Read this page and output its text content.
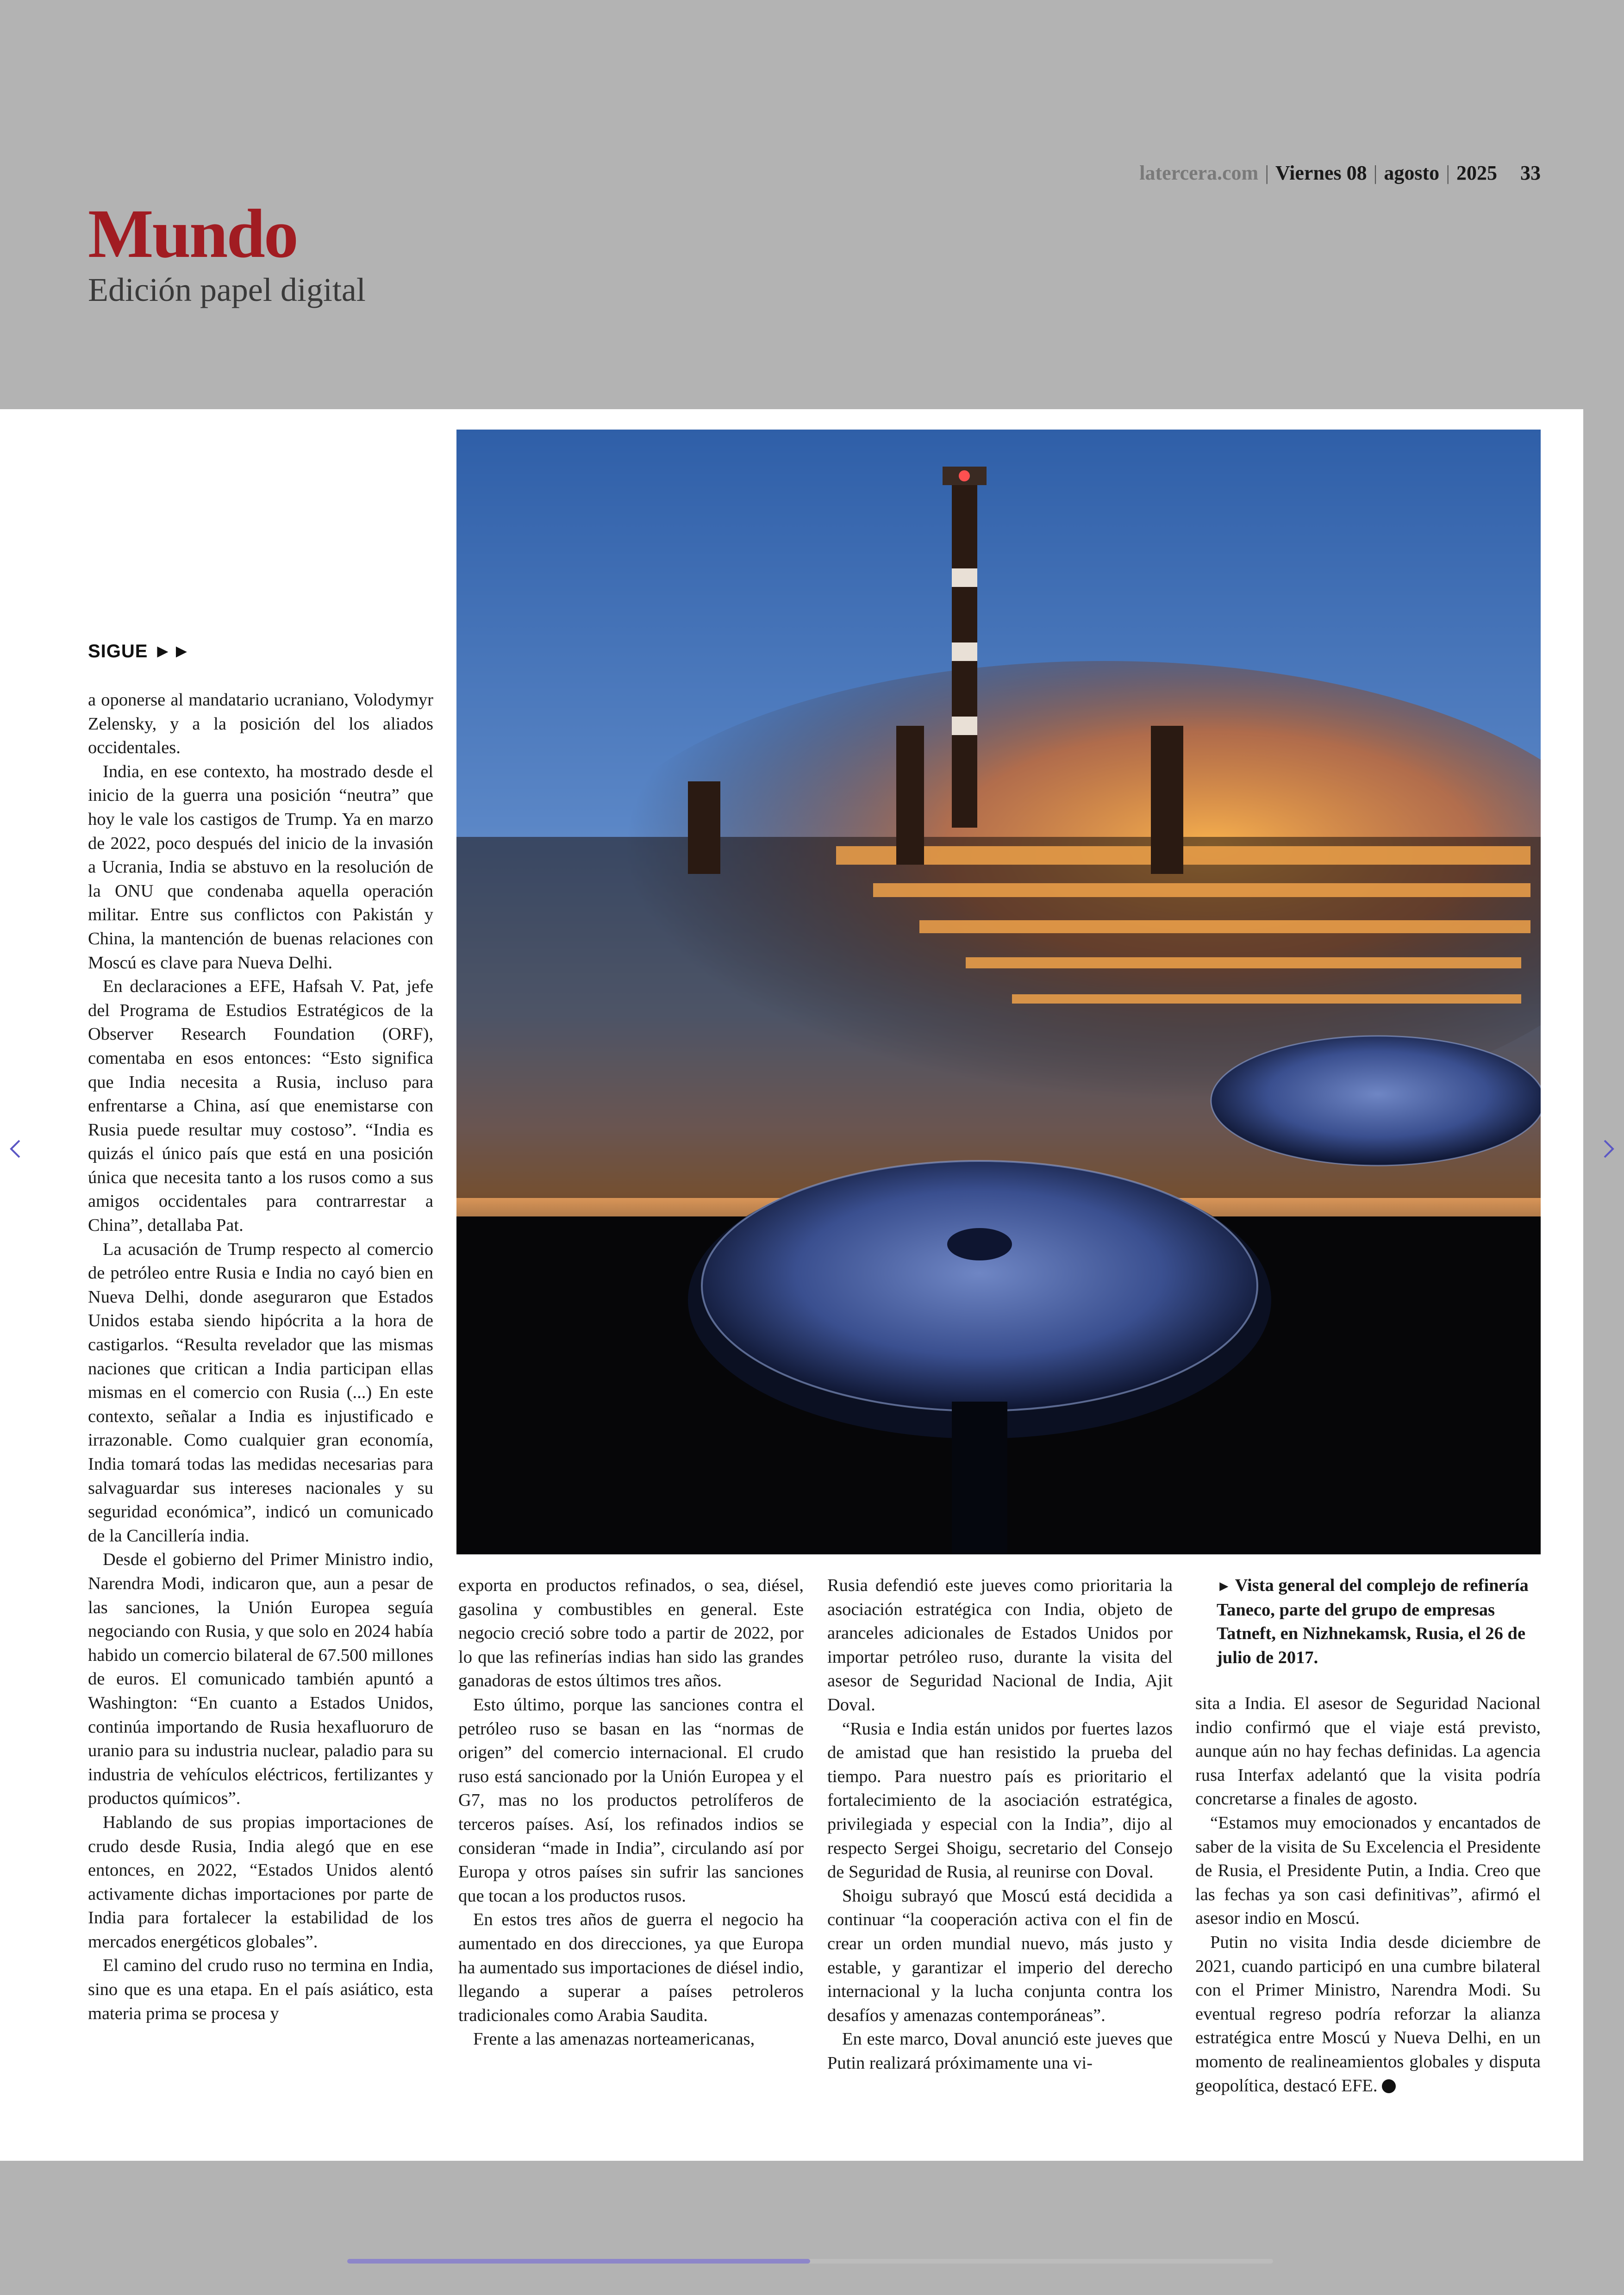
latercera.com | Viernes 08 | agosto | 2025 33
Mundo
Edición papel digital
SIGUE ►►

a oponerse al mandatario ucraniano, Volodymyr Zelensky, y a la posición del los aliados occidentales.

India, en ese contexto, ha mostrado desde el inicio de la guerra una posición “neutra” que hoy le vale los castigos de Trump. Ya en marzo de 2022, poco después del inicio de la invasión a Ucrania, India se abstuvo en la resolución de la ONU que condenaba aquella operación militar. Entre sus conflictos con Pakistán y China, la mantención de buenas relaciones con Moscú es clave para Nueva Delhi.

En declaraciones a EFE, Hafsah V. Pat, jefe del Programa de Estudios Estratégicos de la Observer Research Foundation (ORF), comentaba en esos entonces: “Esto significa que India necesita a Rusia, incluso para enfrentarse a China, así que enemistarse con Rusia puede resultar muy costoso”. “India es quizás el único país que está en una posición única que necesita tanto a los rusos como a sus amigos occidentales para contrarrestar a China”, detallaba Pat.

La acusación de Trump respecto al comercio de petróleo entre Rusia e India no cayó bien en Nueva Delhi, donde aseguraron que Estados Unidos estaba siendo hipócrita a la hora de castigarlos. “Resulta revelador que las mismas naciones que critican a India participan ellas mismas en el comercio con Rusia (...) En este contexto, señalar a India es injustificado e irrazonable. Como cualquier gran economía, India tomará todas las medidas necesarias para salvaguardar sus intereses nacionales y su seguridad económica”, indicó un comunicado de la Cancillería india.

Desde el gobierno del Primer Ministro indio, Narendra Modi, indicaron que, aun a pesar de las sanciones, la Unión Europea seguía negociando con Rusia, y que solo en 2024 había habido un comercio bilateral de 67.500 millones de euros. El comunicado también apuntó a Washington: “En cuanto a Estados Unidos, continúa importando de Rusia hexafluoruro de uranio para su industria nuclear, paladio para su industria de vehículos eléctricos, fertilizantes y productos químicos”.

Hablando de sus propias importaciones de crudo desde Rusia, India alegó que en ese entonces, en 2022, “Estados Unidos alentó activamente dichas importaciones por parte de India para fortalecer la estabilidad de los mercados energéticos globales”.

El camino del crudo ruso no termina en India, sino que es una etapa. En el país asiático, esta materia prima se procesa y

exporta en productos refinados, o sea, diésel, gasolina y combustibles en general. Este negocio creció sobre todo a partir de 2022, por lo que las refinerías indias han sido las grandes ganadoras de estos últimos tres años.

Esto último, porque las sanciones contra el petróleo ruso se basan en las “normas de origen” del comercio internacional. El crudo ruso está sancionado por la Unión Europea y el G7, mas no los productos petrolíferos de terceros países. Así, los refinados indios se consideran “made in India”, circulando así por Europa y otros países sin sufrir las sanciones que tocan a los productos rusos.

En estos tres años de guerra el negocio ha aumentado en dos direcciones, ya que Europa ha aumentado sus importaciones de diésel indio, llegando a superar a países petroleros tradicionales como Arabia Saudita.

Frente a las amenazas norteamericanas,

Rusia defendió este jueves como prioritaria la asociación estratégica con India, objeto de aranceles adicionales de Estados Unidos por importar petróleo ruso, durante la visita del asesor de Seguridad Nacional de India, Ajit Doval.

“Rusia e India están unidos por fuertes lazos de amistad que han resistido la prueba del tiempo. Para nuestro país es prioritario el fortalecimiento de la asociación estratégica, privilegiada y especial con la India”, dijo al respecto Sergei Shoigu, secretario del Consejo de Seguridad de Rusia, al reunirse con Doval.

Shoigu subrayó que Moscú está decidida a continuar “la cooperación activa con el fin de crear un orden mundial nuevo, más justo y estable, y garantizar el imperio del derecho internacional y la lucha conjunta contra los desafíos y amenazas contemporáneas”.

En este marco, Doval anunció este jueves que Putin realizará próximamente una vi-

► Vista general del complejo de refinería Taneco, parte del grupo de empresas Tatneft, en Nizhnekamsk, Rusia, el 26 de julio de 2017.

sita a India. El asesor de Seguridad Nacional indio confirmó que el viaje está previsto, aunque aún no hay fechas definidas. La agencia rusa Interfax adelantó que la visita podría concretarse a finales de agosto.

“Estamos muy emocionados y encantados de saber de la visita de Su Excelencia el Presidente de Rusia, el Presidente Putin, a India. Creo que las fechas ya son casi definitivas”, afirmó el asesor indio en Moscú.

Putin no visita India desde diciembre de 2021, cuando participó en una cumbre bilateral con el Primer Ministro, Narendra Modi. Su eventual regreso podría reforzar la alianza estratégica entre Moscú y Nueva Delhi, en un momento de realineamientos globales y disputa geopolítica, destacó EFE.
